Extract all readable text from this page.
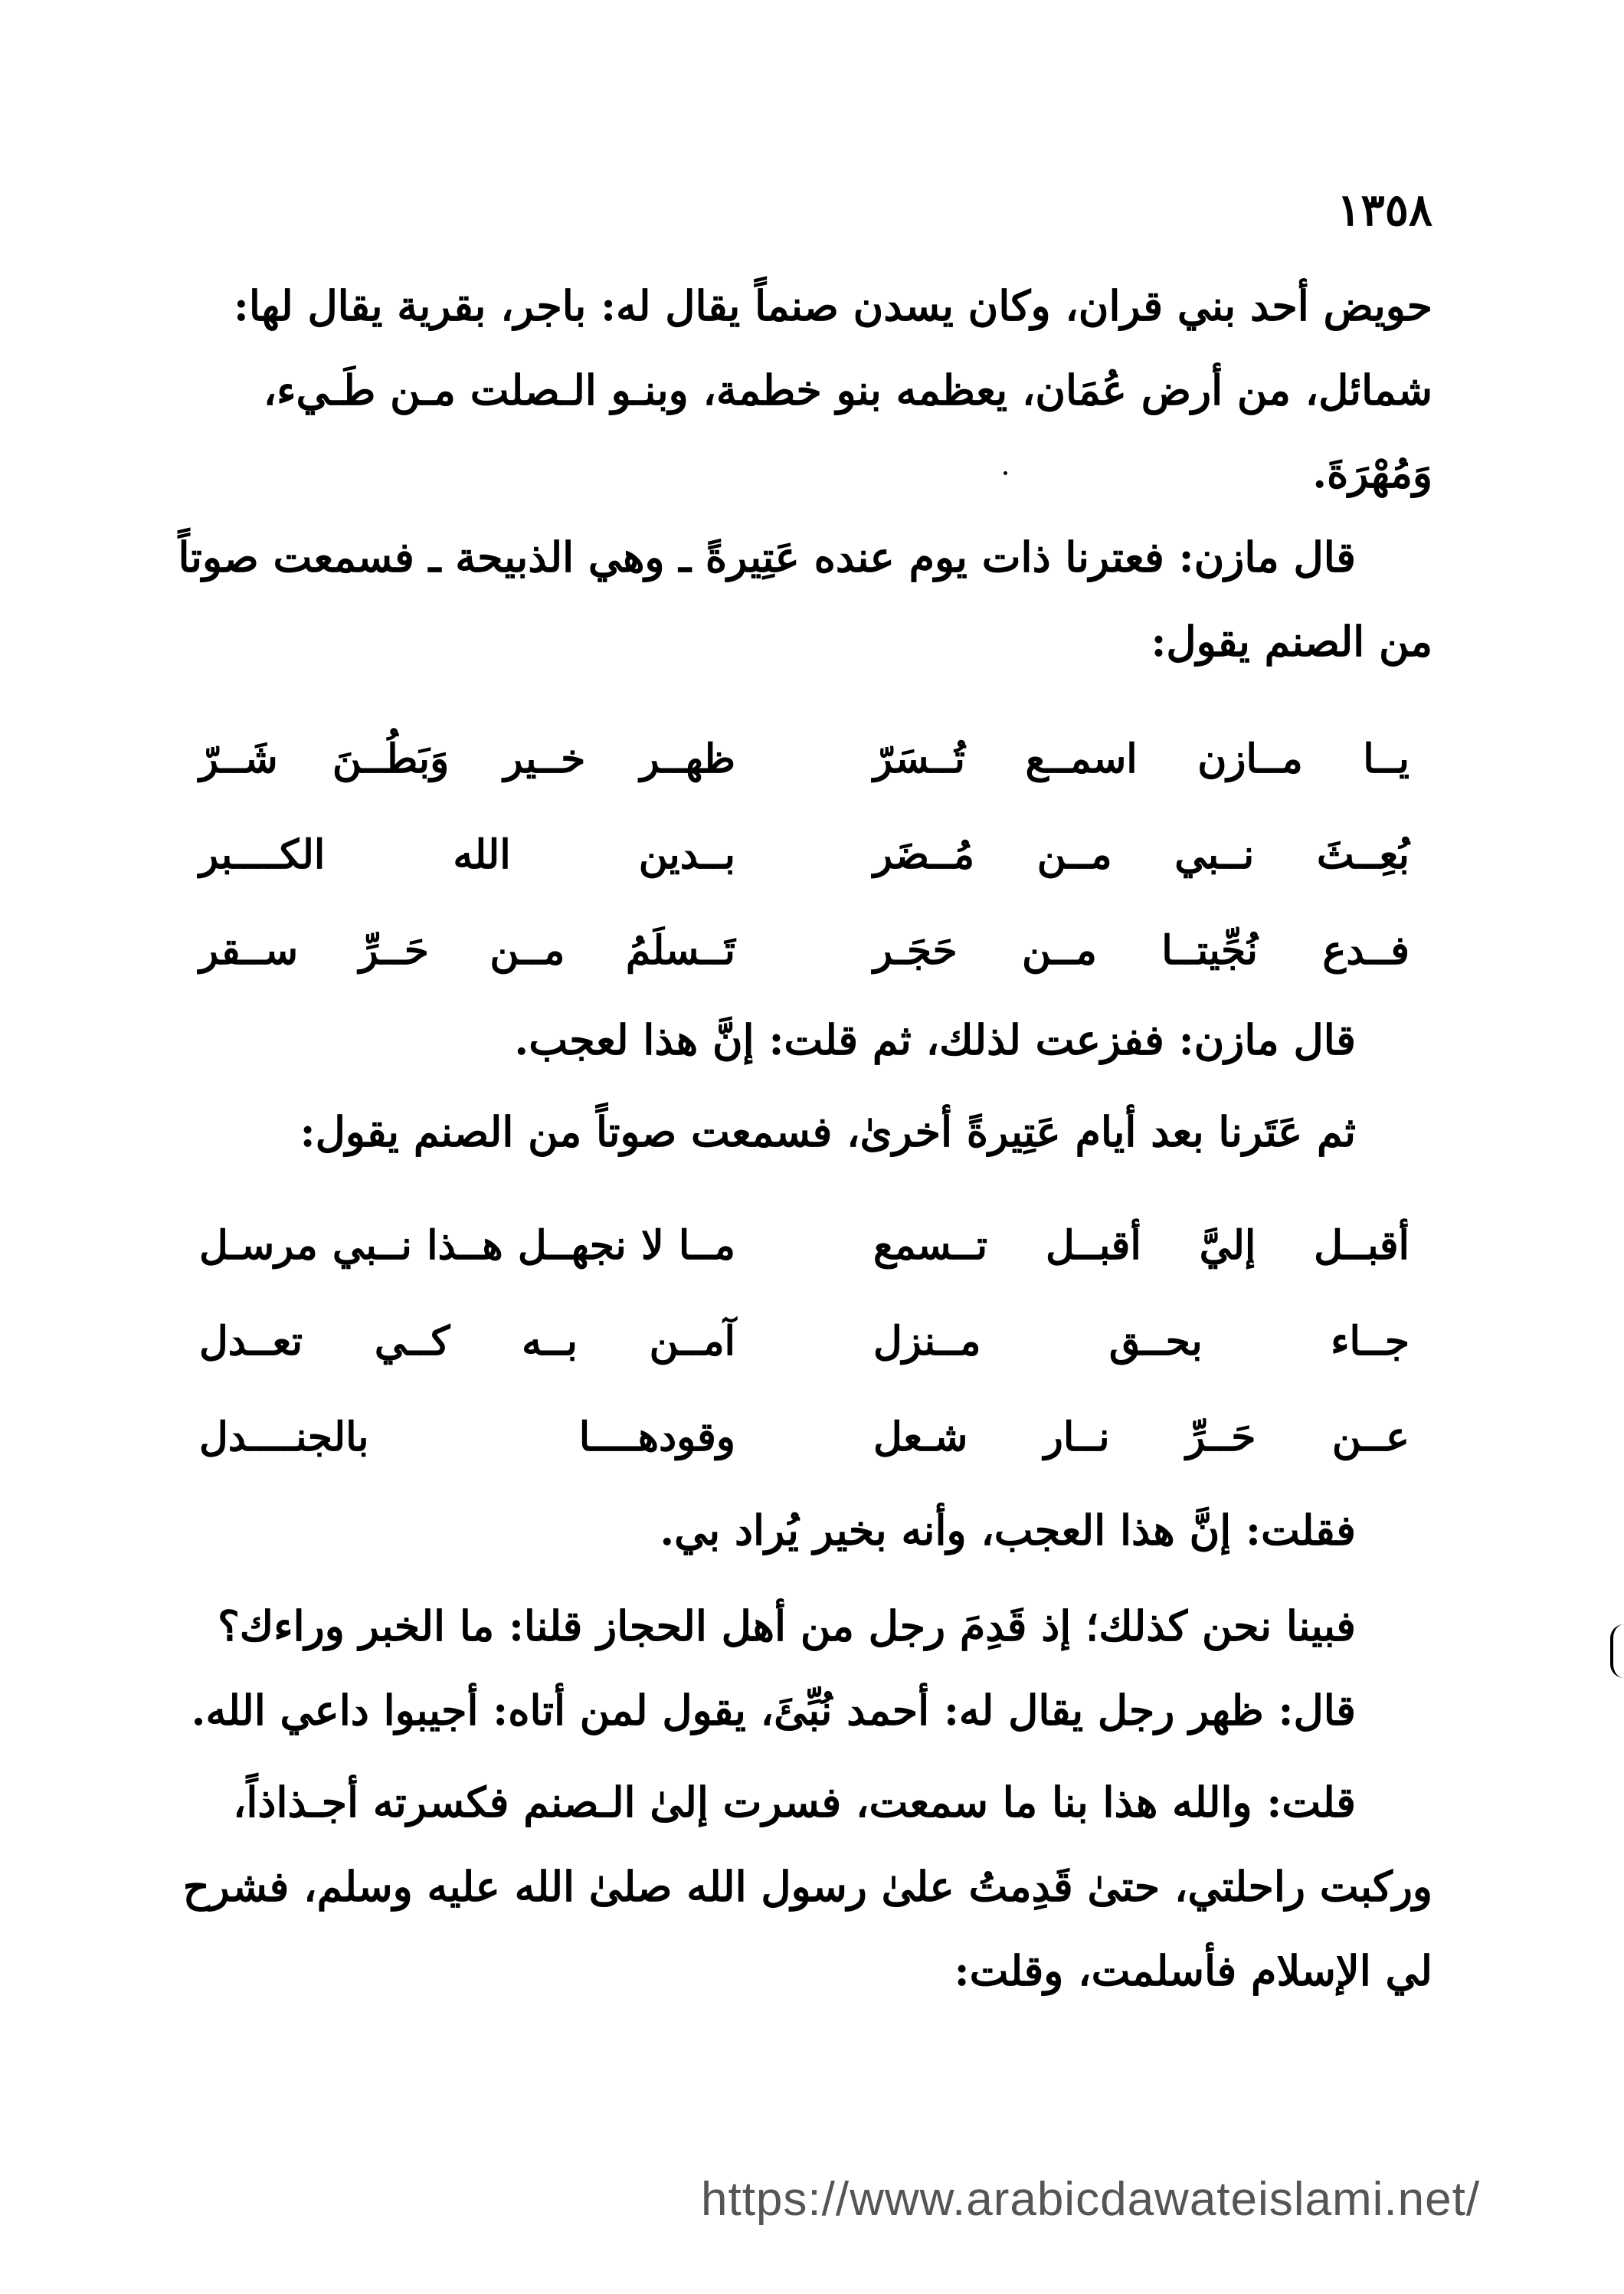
١٣٥٨
حويض أحد بني قران، وكان يسدن صنماً يقال له: باجر، بقرية يقال لها:
شمائل، من أرض عُمَان، يعظمه بنو خطمة، وبنـو الـصلت مـن طَـيء،
وَمُهْرَةَ.
قال مازن: فعترنا ذات يوم عنده عَتِيرةً ـ وهي الذبيحة ـ فسمعت صوتاً
من الصنم يقول:
يــا مــازن اسمــع تُــسَرّ
ظهــر خــير وَبَطُــنَ شَــرّ
بُعِــثَ نــبي مــن مُــضَر
بــدين الله الكــــبر
فــدع نُجِّيتــا مــن حَجَـر
تَــسلَمُ مــن حَــرِّ ســقر
قال مازن: ففزعت لذلك، ثم قلت: إنَّ هذا لعجب.
ثم عَتَرنا بعد أيام عَتِيرةً أخرىٰ، فسمعت صوتاً من الصنم يقول:
أقبــل إليَّ أقبــل تــسمع
مــا لا نجهــل هــذا نــبي مرسـل
جــاء بحــق مــنزل
آمــن بــه كــي تعــدل
عــن حَــرِّ نــار شـعل
وقودهــــا بالجنــــدل
فقلت: إنَّ هذا العجب، وأنه بخير يُراد بي.
فبينا نحن كذلك؛ إذ قَدِمَ رجل من أهل الحجاز قلنا: ما الخبر وراءك؟
قال: ظهر رجل يقال له: أحمد نُبِّئَ، يقول لمن أتاه: أجيبوا داعي الله.
قلت: والله هذا بنا ما سمعت، فسرت إلىٰ الـصنم فكسرته أجـذاذاً،
وركبت راحلتي، حتىٰ قَدِمتُ علىٰ رسول الله صلىٰ الله عليه وسلم، فشرح
لي الإسلام فأسلمت، وقلت:
https://www.arabicdawateislami.net/
